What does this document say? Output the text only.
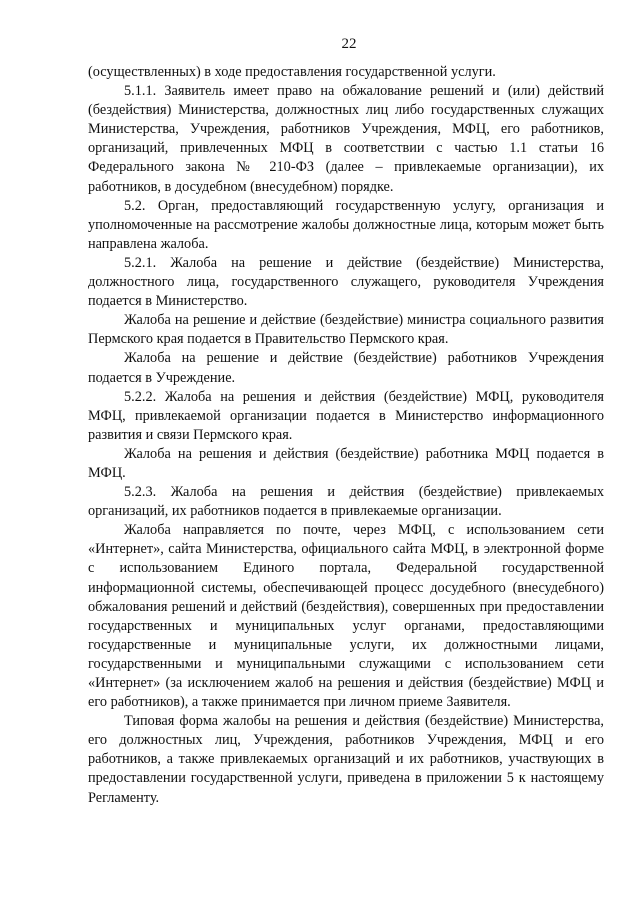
22

(осуществленных) в ходе предоставления государственной услуги.

5.1.1. Заявитель имеет право на обжалование решений и (или) действий (бездействия) Министерства, должностных лиц либо государственных служащих Министерства, Учреждения, работников Учреждения, МФЦ, его работников, организаций, привлеченных МФЦ в соответствии с частью 1.1 статьи 16 Федерального закона № 210-ФЗ (далее – привлекаемые организации), их работников, в досудебном (внесудебном) порядке.

5.2. Орган, предоставляющий государственную услугу, организация и уполномоченные на рассмотрение жалобы должностные лица, которым может быть направлена жалоба.

5.2.1. Жалоба на решение и действие (бездействие) Министерства, должностного лица, государственного служащего, руководителя Учреждения подается в Министерство.

Жалоба на решение и действие (бездействие) министра социального развития Пермского края подается в Правительство Пермского края.

Жалоба на решение и действие (бездействие) работников Учреждения подается в Учреждение.

5.2.2. Жалоба на решения и действия (бездействие) МФЦ, руководителя МФЦ, привлекаемой организации подается в Министерство информационного развития и связи Пермского края.

Жалоба на решения и действия (бездействие) работника МФЦ подается в МФЦ.

5.2.3. Жалоба на решения и действия (бездействие) привлекаемых организаций, их работников подается в привлекаемые организации.

Жалоба направляется по почте, через МФЦ, с использованием сети «Интернет», сайта Министерства, официального сайта МФЦ, в электронной форме с использованием Единого портала, Федеральной государственной информационной системы, обеспечивающей процесс досудебного (внесудебного) обжалования решений и действий (бездействия), совершенных при предоставлении государственных и муниципальных услуг органами, предоставляющими государственные и муниципальные услуги, их должностными лицами, государственными и муниципальными служащими с использованием сети «Интернет» (за исключением жалоб на решения и действия (бездействие) МФЦ и его работников), а также принимается при личном приеме Заявителя.

Типовая форма жалобы на решения и действия (бездействие) Министерства, его должностных лиц, Учреждения, работников Учреждения, МФЦ и его работников, а также привлекаемых организаций и их работников, участвующих в предоставлении государственной услуги, приведена в приложении 5 к настоящему Регламенту.
